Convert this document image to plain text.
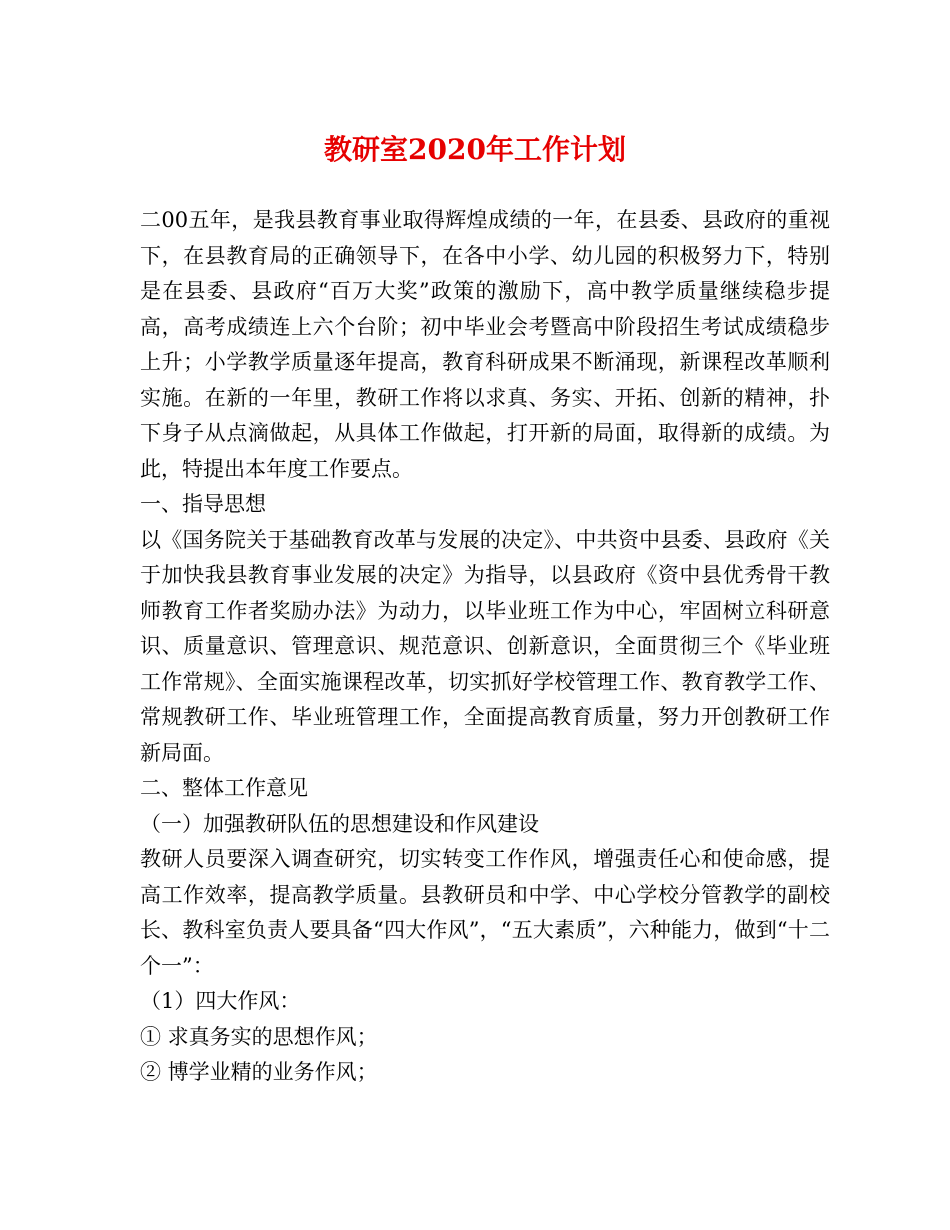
教研室2020年工作计划

二00五年，是我县教育事业取得辉煌成绩的一年，在县委、县政府的重视下，在县教育局的正确领导下，在各中小学、幼儿园的积极努力下，特别是在县委、县政府“百万大奖”政策的激励下，高中教学质量继续稳步提高，高考成绩连上六个台阶；初中毕业会考暨高中阶段招生考试成绩稳步上升；小学教学质量逐年提高，教育科研成果不断涌现，新课程改革顺利实施。在新的一年里，教研工作将以求真、务实、开拓、创新的精神，扑下身子从点滴做起，从具体工作做起，打开新的局面，取得新的成绩。为此，特提出本年度工作要点。

一、指导思想

以《国务院关于基础教育改革与发展的决定》、中共资中县委、县政府《关于加快我县教育事业发展的决定》为指导，以县政府《资中县优秀骨干教师教育工作者奖励办法》为动力，以毕业班工作为中心，牢固树立科研意识、质量意识、管理意识、规范意识、创新意识，全面贯彻三个《毕业班工作常规》、全面实施课程改革，切实抓好学校管理工作、教育教学工作、常规教研工作、毕业班管理工作，全面提高教育质量，努力开创教研工作新局面。

二、整体工作意见

（一）加强教研队伍的思想建设和作风建设

教研人员要深入调查研究，切实转变工作作风，增强责任心和使命感，提高工作效率，提高教学质量。县教研员和中学、中心学校分管教学的副校长、教科室负责人要具备“四大作风”，“五大素质”，六种能力，做到“十二个一”：

（1）四大作风：

① 求真务实的思想作风；

② 博学业精的业务作风；
